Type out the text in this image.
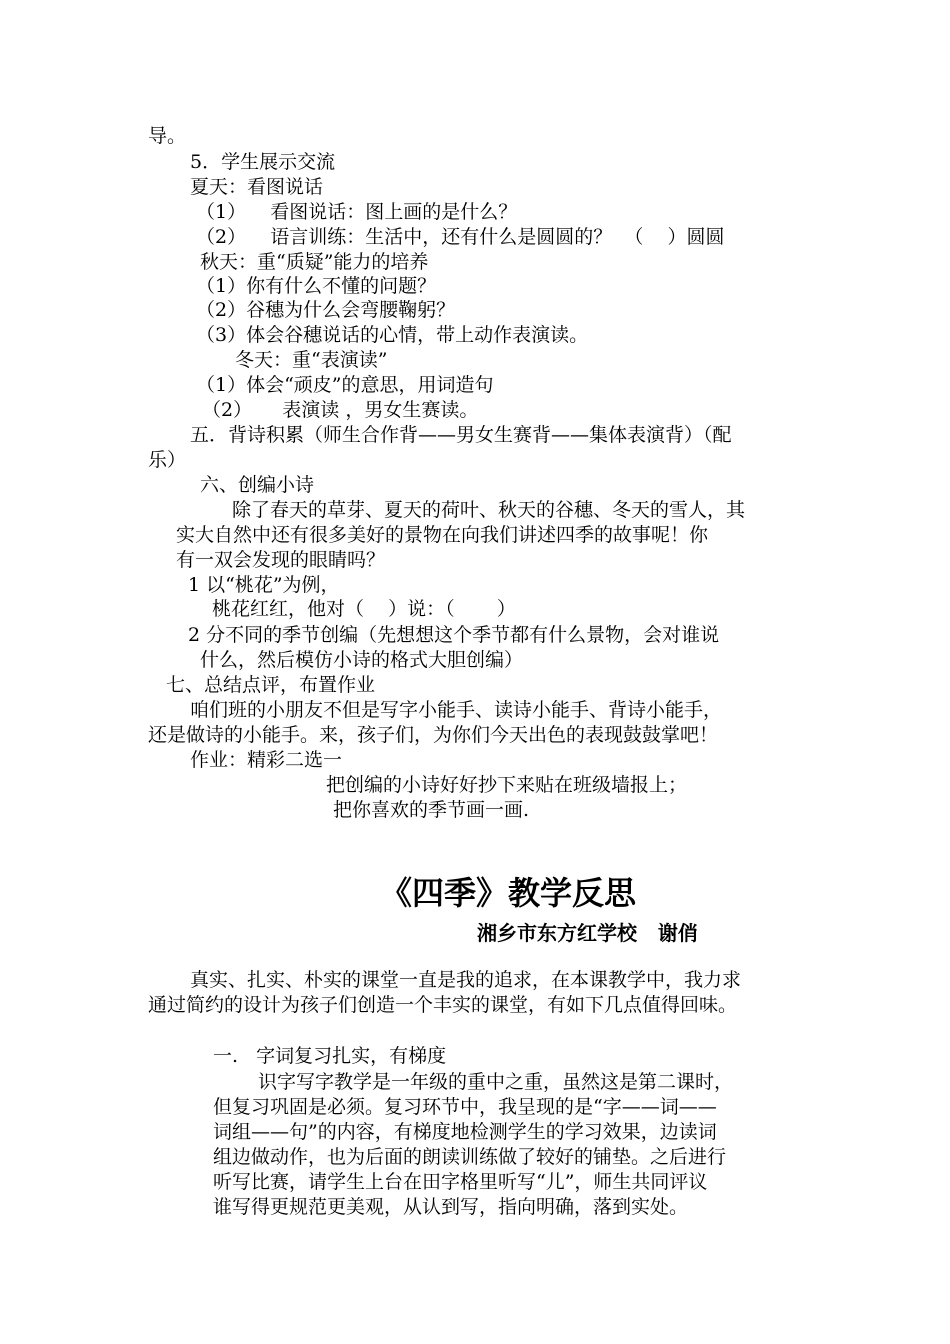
导。
5．学生展示交流
夏天：看图说话
（1）    看图说话：图上画的是什么？
（2）    语言训练：生活中，还有什么是圆圆的？  （    ）圆圆
秋天：重“质疑”能力的培养
（1）你有什么不懂的问题？
（2）谷穗为什么会弯腰鞠躬？
（3）体会谷穗说话的心情，带上动作表演读。
冬天：重“表演读”
（1）体会“顽皮”的意思，用词造句
（2）     表演读 ，男女生赛读。
五．背诗积累（师生合作背——男女生赛背——集体表演背）（配
乐）
六、创编小诗
除了春天的草芽、夏天的荷叶、秋天的谷穗、冬天的雪人，其
实大自然中还有很多美好的景物在向我们讲述四季的故事呢！你
有一双会发现的眼睛吗？
1 以“桃花”为例，
桃花红红，他对（    ）说：（       ）
2 分不同的季节创编（先想想这个季节都有什么景物，会对谁说
什么，然后模仿小诗的格式大胆创编）
七、总结点评，布置作业
咱们班的小朋友不但是写字小能手、读诗小能手、背诗小能手，
还是做诗的小能手。来，孩子们，为你们今天出色的表现鼓鼓掌吧！
作业：精彩二选一
把创编的小诗好好抄下来贴在班级墙报上；
把你喜欢的季节画一画.
《四季》教学反思
湘乡市东方红学校   谢俏
真实、扎实、朴实的课堂一直是我的追求，在本课教学中，我力求
通过简约的设计为孩子们创造一个丰实的课堂，有如下几点值得回味。
一.   字词复习扎实，有梯度
识字写字教学是一年级的重中之重，虽然这是第二课时，
但复习巩固是必须。复习环节中，我呈现的是“字——词——
词组——句”的内容，有梯度地检测学生的学习效果，边读词
组边做动作，也为后面的朗读训练做了较好的铺垫。之后进行
听写比赛，请学生上台在田字格里听写“儿”，师生共同评议
谁写得更规范更美观，从认到写，指向明确，落到实处。
